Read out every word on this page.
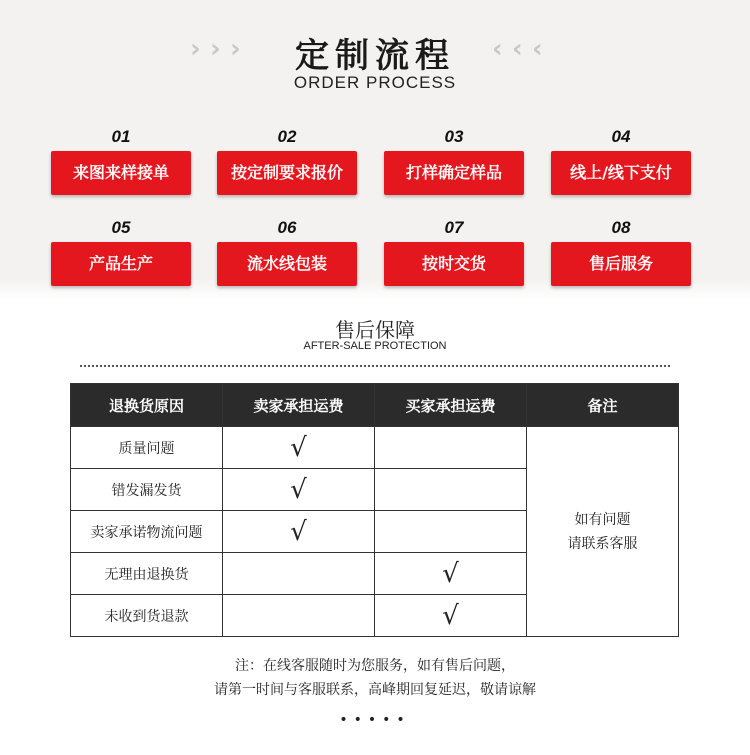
› › ›	定制流程	‹ ‹ ‹
ORDER PROCESS
01
来图来样接单
02
按定制要求报价
03
打样确定样品
04
线上/线下支付
05
产品生产
06
流水线包装
07
按时交货
08
售后服务
售后保障
AFTER-SALE PROTECTION
退换货原因	卖家承担运费	买家承担运费	备注
质量问题	√		如有问题
请联系客服

错发漏发货	√		
卖家承诺物流问题	√		
无理由退换货		√	
未收到货退款		√	
注：在线客服随时为您服务，如有售后问题，
请第一时间与客服联系，高峰期回复延迟，敬请谅解
•••••
